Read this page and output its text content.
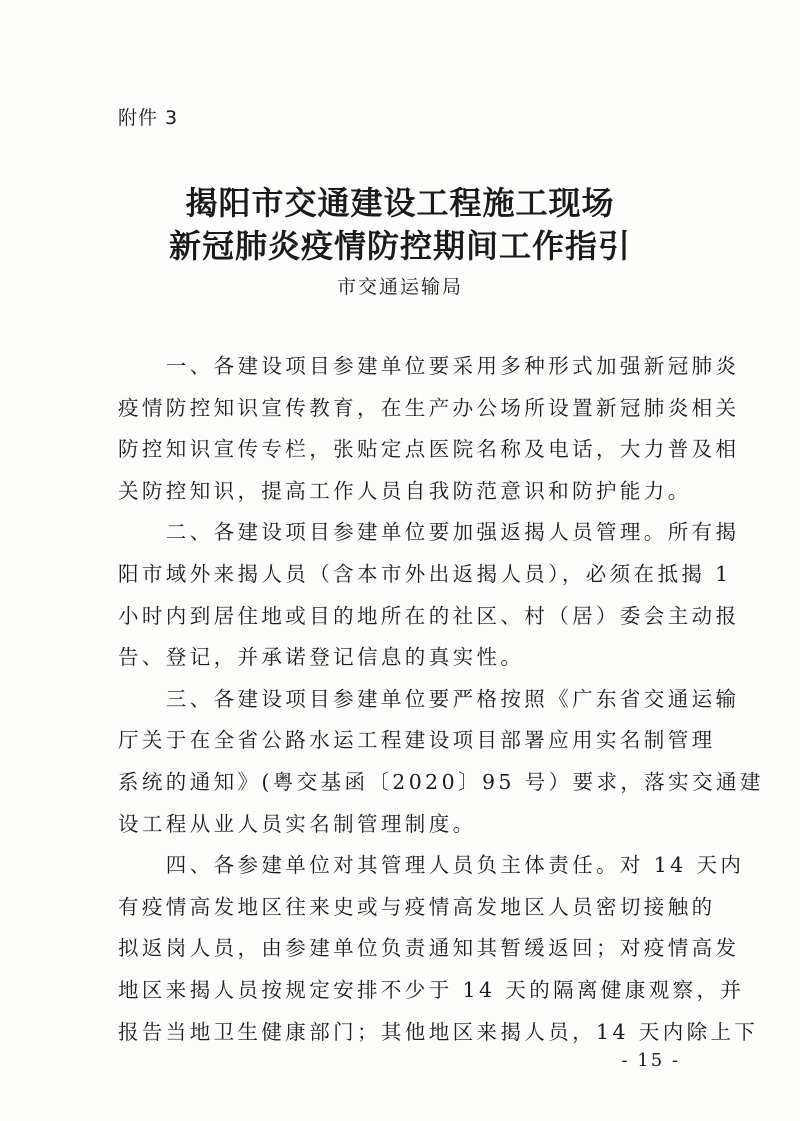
附件 3
揭阳市交通建设工程施工现场
新冠肺炎疫情防控期间工作指引
市交通运输局
　　一、各建设项目参建单位要采用多种形式加强新冠肺炎
疫情防控知识宣传教育，在生产办公场所设置新冠肺炎相关
防控知识宣传专栏，张贴定点医院名称及电话，大力普及相
关防控知识，提高工作人员自我防范意识和防护能力。
　　二、各建设项目参建单位要加强返揭人员管理。所有揭
阳市域外来揭人员（含本市外出返揭人员），必须在抵揭 1
小时内到居住地或目的地所在的社区、村（居）委会主动报
告、登记，并承诺登记信息的真实性。
　　三、各建设项目参建单位要严格按照《广东省交通运输
厅关于在全省公路水运工程建设项目部署应用实名制管理
系统的通知》(粤交基函〔2020〕95 号）要求，落实交通建
设工程从业人员实名制管理制度。
　　四、各参建单位对其管理人员负主体责任。对 14 天内
有疫情高发地区往来史或与疫情高发地区人员密切接触的
拟返岗人员，由参建单位负责通知其暂缓返回；对疫情高发
地区来揭人员按规定安排不少于 14 天的隔离健康观察，并
报告当地卫生健康部门；其他地区来揭人员，14 天内除上下
- 15 -
